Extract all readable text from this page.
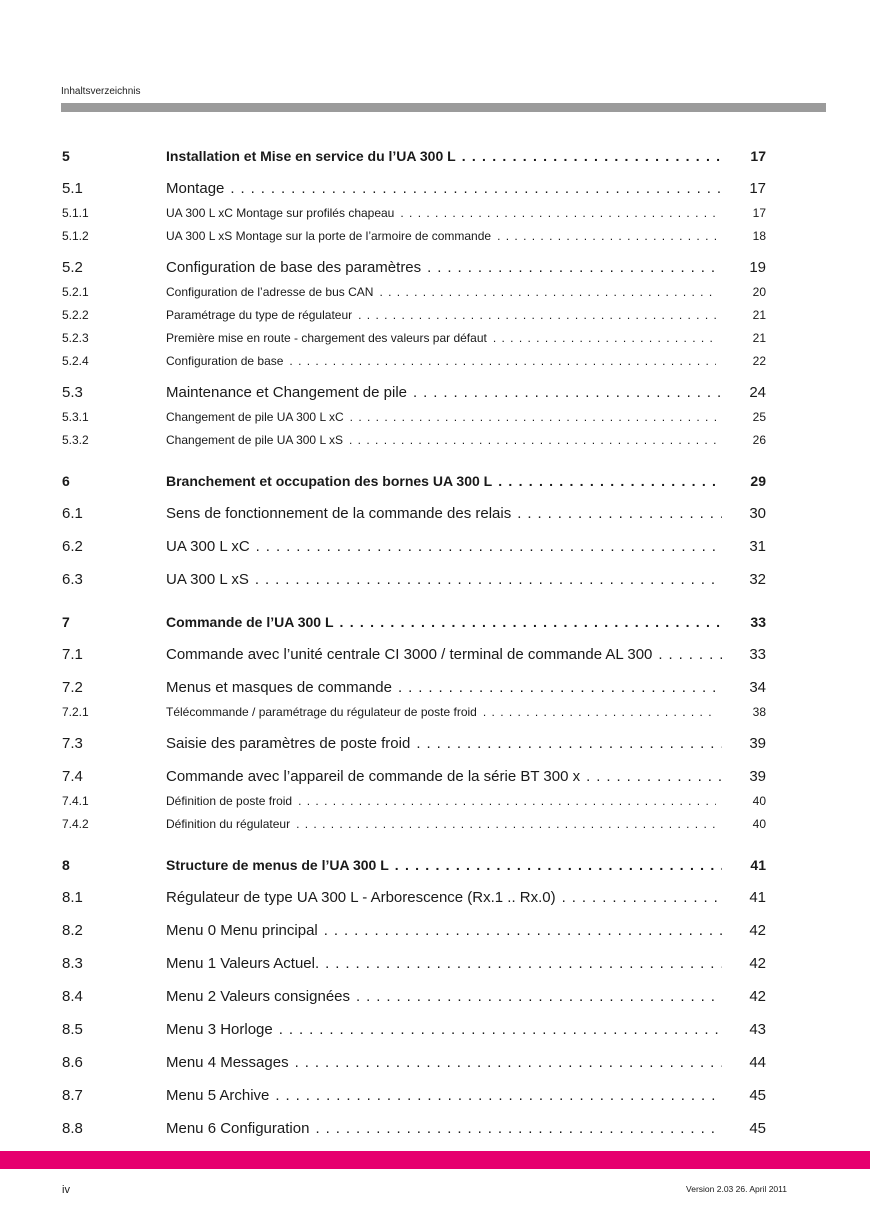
Inhaltsverzeichnis
5	Installation et Mise en service du l’UA 300 L . . .	17
5.1	Montage . . .	17
5.1.1	UA 300 L xC Montage sur profilés chapeau . . .	17
5.1.2	UA 300 L xS Montage sur la porte de l’armoire de commande . . .	18
5.2	Configuration de base des paramètres . . .	19
5.2.1	Configuration de l’adresse de bus CAN . . .	20
5.2.2	Paramétrage du type de régulateur . . .	21
5.2.3	Première mise en route - chargement des valeurs par défaut . . .	21
5.2.4	Configuration de base . . .	22
5.3	Maintenance et Changement de pile . . .	24
5.3.1	Changement de pile UA 300 L xC . . .	25
5.3.2	Changement de pile UA 300 L xS . . .	26
6	Branchement et occupation des bornes UA 300 L . . .	29
6.1	Sens de fonctionnement de la commande des relais . . .	30
6.2	UA 300 L xC . . .	31
6.3	UA 300 L xS . . .	32
7	Commande de l’UA 300 L . . .	33
7.1	Commande avec l’unité centrale CI 3000 / terminal de commande AL 300 . . .	33
7.2	Menus et masques de commande . . .	34
7.2.1	Télécommande / paramétrage du régulateur de poste froid . . .	38
7.3	Saisie des paramètres de poste froid . . .	39
7.4	Commande avec l’appareil de commande de la série BT 300 x . . .	39
7.4.1	Définition de poste froid . . .	40
7.4.2	Définition du régulateur . . .	40
8	Structure de menus de l’UA 300 L . . .	41
8.1	Régulateur de type UA 300 L - Arborescence (Rx.1 .. Rx.0) . . .	41
8.2	Menu 0 Menu principal . . .	42
8.3	Menu 1 Valeurs Actuel. . . .	42
8.4	Menu 2 Valeurs consignées . . .	42
8.5	Menu 3 Horloge . . .	43
8.6	Menu 4 Messages . . .	44
8.7	Menu 5 Archive . . .	45
8.8	Menu 6 Configuration . . .	45
iv	Version 2.03 26. April 2011
